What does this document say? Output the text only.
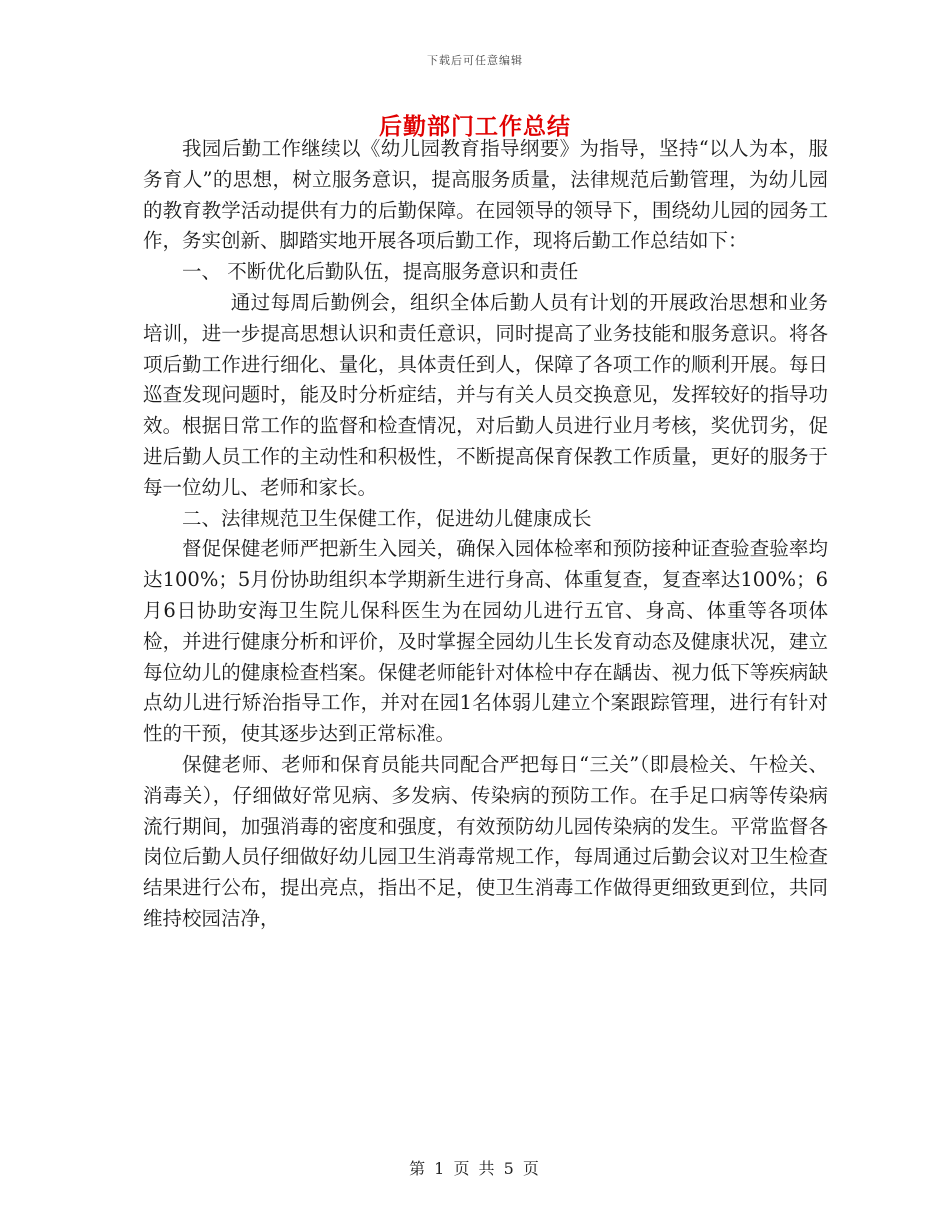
下载后可任意编辑
后勤部门工作总结

我园后勤工作继续以《幼儿园教育指导纲要》为指导，坚持“以人为本，服务育人”的思想，树立服务意识，提高服务质量，法律规范后勤管理，为幼儿园的教育教学活动提供有力的后勤保障。在园领导的领导下，围绕幼儿园的园务工作，务实创新、脚踏实地开展各项后勤工作，现将后勤工作总结如下：

一、 不断优化后勤队伍，提高服务意识和责任

通过每周后勤例会，组织全体后勤人员有计划的开展政治思想和业务培训，进一步提高思想认识和责任意识，同时提高了业务技能和服务意识。将各项后勤工作进行细化、量化，具体责任到人，保障了各项工作的顺利开展。每日巡查发现问题时，能及时分析症结，并与有关人员交换意见，发挥较好的指导功效。根据日常工作的监督和检查情况，对后勤人员进行业月考核，奖优罚劣，促进后勤人员工作的主动性和积极性，不断提高保育保教工作质量，更好的服务于每一位幼儿、老师和家长。

二、法律规范卫生保健工作，促进幼儿健康成长

督促保健老师严把新生入园关，确保入园体检率和预防接种证查验查验率均达100%；5月份协助组织本学期新生进行身高、体重复查，复查率达100%；6月6日协助安海卫生院儿保科医生为在园幼儿进行五官、身高、体重等各项体检，并进行健康分析和评价，及时掌握全园幼儿生长发育动态及健康状况，建立每位幼儿的健康检查档案。保健老师能针对体检中存在龋齿、视力低下等疾病缺点幼儿进行矫治指导工作，并对在园1名体弱儿建立个案跟踪管理，进行有针对性的干预，使其逐步达到正常标准。

保健老师、老师和保育员能共同配合严把每日“三关”（即晨检关、午检关、消毒关），仔细做好常见病、多发病、传染病的预防工作。在手足口病等传染病流行期间，加强消毒的密度和强度，有效预防幼儿园传染病的发生。平常监督各岗位后勤人员仔细做好幼儿园卫生消毒常规工作，每周通过后勤会议对卫生检查结果进行公布，提出亮点，指出不足，使卫生消毒工作做得更细致更到位，共同维持校园洁净，

第 1 页 共 5 页
